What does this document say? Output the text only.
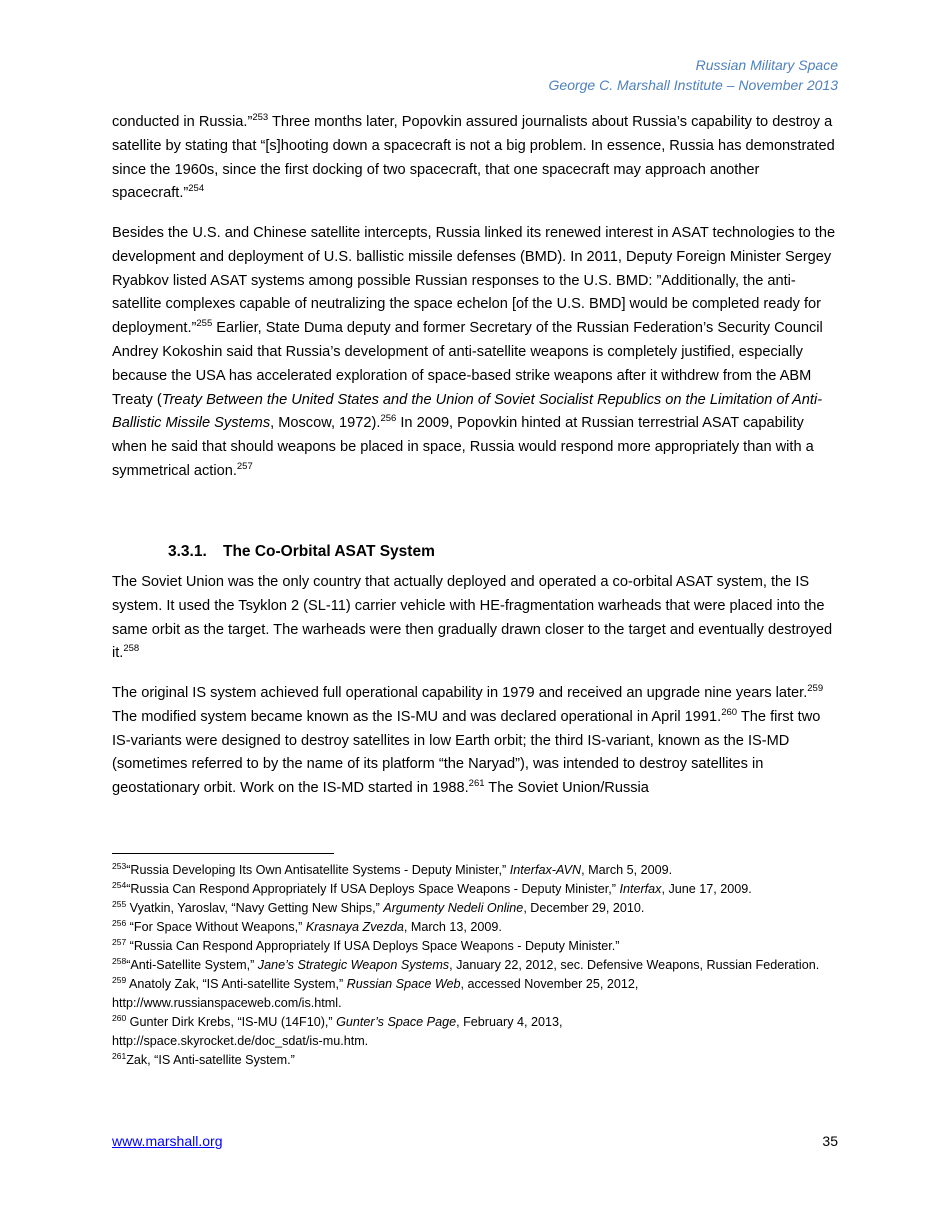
Russian Military Space
George C. Marshall Institute – November 2013

conducted in Russia.”$^{253}$ Three months later, Popovkin assured journalists about Russia’s capability to destroy a satellite by stating that “[s]hooting down a spacecraft is not a big problem. In essence, Russia has demonstrated since the 1960s, since the first docking of two spacecraft, that one spacecraft may approach another spacecraft.”$^{254}$

Besides the U.S. and Chinese satellite intercepts, Russia linked its renewed interest in ASAT technologies to the development and deployment of U.S. ballistic missile defenses (BMD). In 2011, Deputy Foreign Minister Sergey Ryabkov listed ASAT systems among possible Russian responses to the U.S. BMD: ”Additionally, the anti-satellite complexes capable of neutralizing the space echelon [of the U.S. BMD] would be completed ready for deployment.”$^{255}$ Earlier, State Duma deputy and former Secretary of the Russian Federation’s Security Council Andrey Kokoshin said that Russia’s development of anti-satellite weapons is completely justified, especially because the USA has accelerated exploration of space-based strike weapons after it withdrew from the ABM Treaty (Treaty Between the United States and the Union of Soviet Socialist Republics on the Limitation of Anti-Ballistic Missile Systems, Moscow, 1972).$^{256}$ In 2009, Popovkin hinted at Russian terrestrial ASAT capability when he said that should weapons be placed in space, Russia would respond more appropriately than with a symmetrical action.$^{257}$

3.3.1. The Co-Orbital ASAT System

The Soviet Union was the only country that actually deployed and operated a co-orbital ASAT system, the IS system. It used the Tsyklon 2 (SL-11) carrier vehicle with HE-fragmentation warheads that were placed into the same orbit as the target. The warheads were then gradually drawn closer to the target and eventually destroyed it.$^{258}$

The original IS system achieved full operational capability in 1979 and received an upgrade nine years later.$^{259}$ The modified system became known as the IS-MU and was declared operational in April 1991.$^{260}$ The first two IS-variants were designed to destroy satellites in low Earth orbit; the third IS-variant, known as the IS-MD (sometimes referred to by the name of its platform “the Naryad”), was intended to destroy satellites in geostationary orbit. Work on the IS-MD started in 1988.$^{261}$ The Soviet Union/Russia

$^{253}$“Russia Developing Its Own Antisatellite Systems - Deputy Minister,” Interfax-AVN, March 5, 2009.
$^{254}$“Russia Can Respond Appropriately If USA Deploys Space Weapons - Deputy Minister,” Interfax, June 17, 2009.
$^{255}$ Vyatkin, Yaroslav, “Navy Getting New Ships,” Argumenty Nedeli Online, December 29, 2010.
$^{256}$ “For Space Without Weapons,” Krasnaya Zvezda, March 13, 2009.
$^{257}$ “Russia Can Respond Appropriately If USA Deploys Space Weapons - Deputy Minister.”
$^{258}$“Anti-Satellite System,” Jane’s Strategic Weapon Systems, January 22, 2012, sec. Defensive Weapons, Russian Federation.
$^{259}$ Anatoly Zak, “IS Anti-satellite System,” Russian Space Web, accessed November 25, 2012,
http://www.russianspaceweb.com/is.html.
$^{260}$ Gunter Dirk Krebs, “IS-MU (14F10),” Gunter’s Space Page, February 4, 2013,
http://space.skyrocket.de/doc_sdat/is-mu.htm.
$^{261}$Zak, “IS Anti-satellite System.”
www.marshall.org	35
